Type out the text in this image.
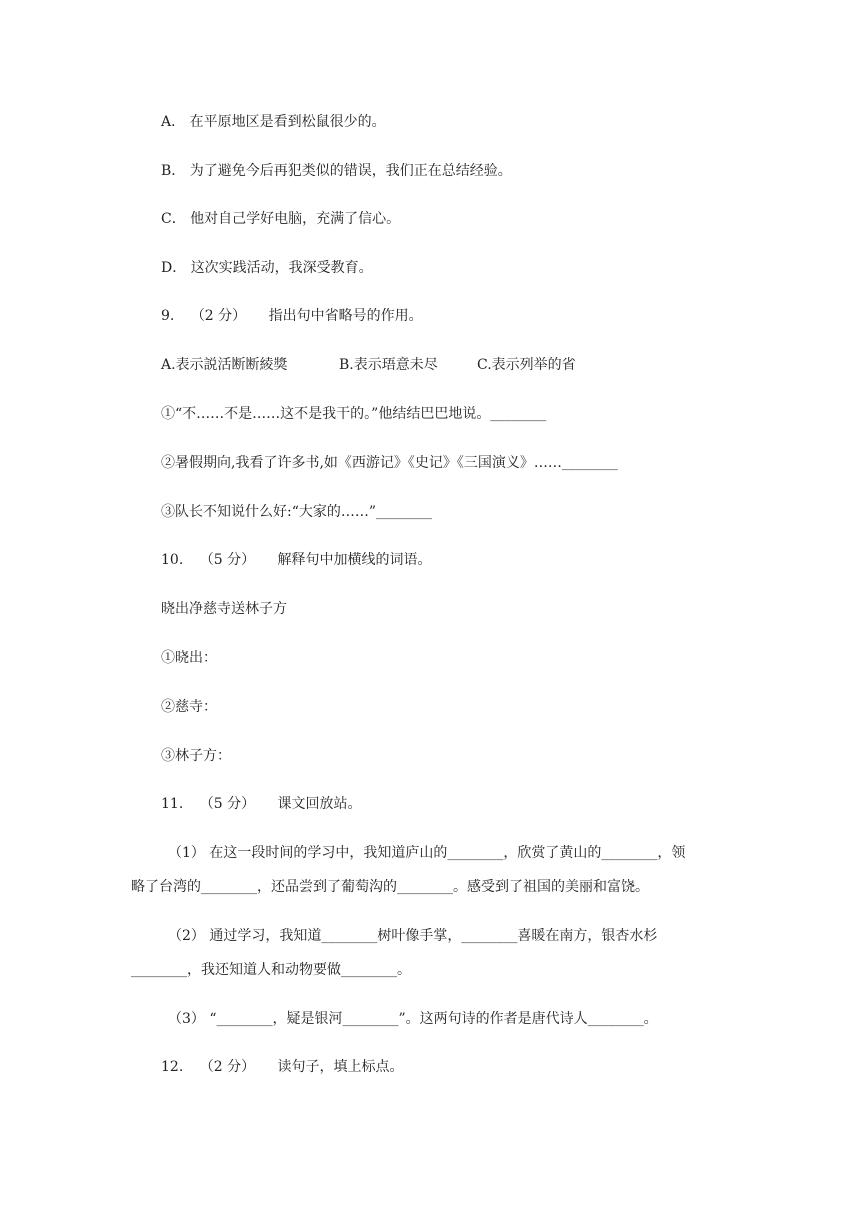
A． 在平原地区是看到松鼠很少的。
B． 为了避免今后再犯类似的错误，我们正在总结经验。
C． 他对自己学好电脑，充满了信心。
D． 这次实践活动，我深受教育。
9. （2 分） 指出句中省略号的作用。
A.表示説活断断綾獎	B.表示珸意未尽	C.表示列举的省
①“不……不是……这不是我干的。”他结结巴巴地说。________
②暑假期向,我看了许多书,如《西游记》《史记》《三国演义》……________
③队长不知说什么好:“大家的……”________
10. （5 分） 解释句中加横线的词语。
晓出净慈寺送林子方
①晓出：
②慈寺：
③林子方：
11. （5 分） 课文回放站。
（1） 在这一段时间的学习中，我知道庐山的________，欣赏了黄山的________，领
略了台湾的________，还品尝到了葡萄沟的________。感受到了祖国的美丽和富饶。
（2） 通过学习，我知道________树叶像手掌，________喜暖在南方，银杏水杉
________，我还知道人和动物要做________。
（3） “________，疑是银河________”。这两句诗的作者是唐代诗人________。
12. （2 分） 读句子，填上标点。
